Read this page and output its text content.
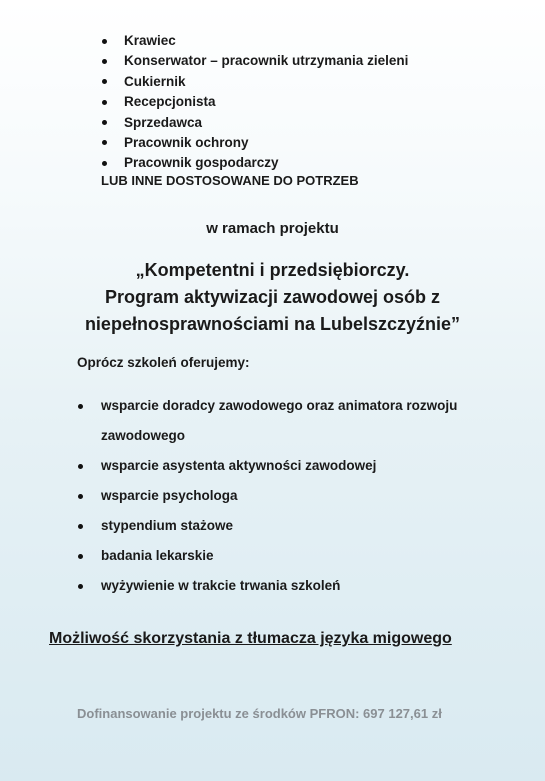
Krawiec
Konserwator – pracownik utrzymania zieleni
Cukiernik
Recepcjonista
Sprzedawca
Pracownik ochrony
Pracownik gospodarczy
LUB INNE DOSTOSOWANE DO POTRZEB
w ramach projektu
„Kompetentni i przedsiębiorczy.
Program aktywizacji zawodowej osób z
niepełnosprawnościami na Lubelszczyźnie”
Oprócz szkoleń oferujemy:
wsparcie doradcy zawodowego oraz animatora rozwoju zawodowego
wsparcie asystenta aktywności zawodowej
wsparcie psychologa
stypendium stażowe
badania lekarskie
wyżywienie w trakcie trwania szkoleń
Możliwość skorzystania z tłumacza języka migowego
Dofinansowanie projektu ze środków PFRON: 697 127,61 zł
